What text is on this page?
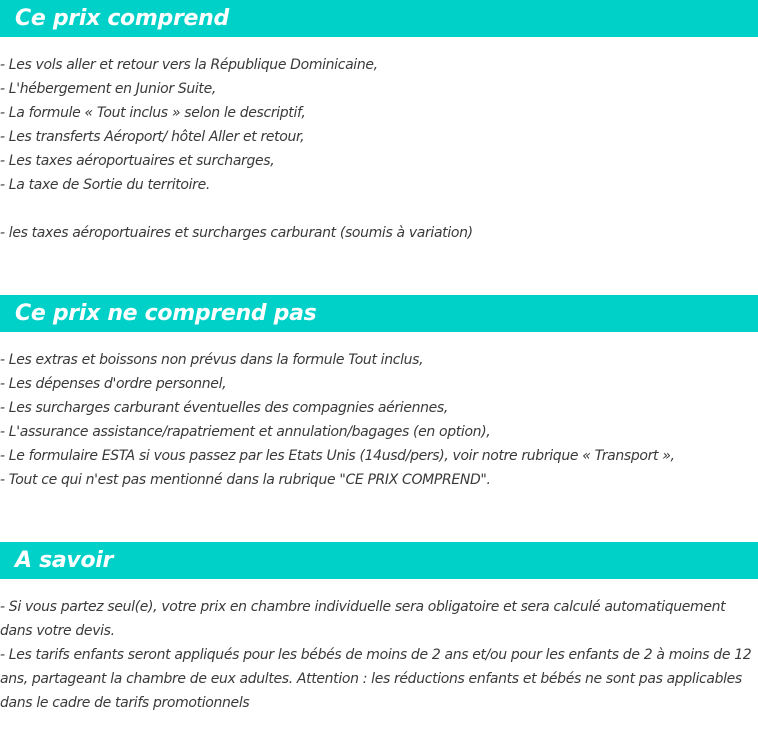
Ce prix comprend
- Les vols aller et retour vers la République Dominicaine,
- L'hébergement en Junior Suite,
- La formule « Tout inclus » selon le descriptif,
- Les transferts Aéroport/ hôtel Aller et retour,
- Les taxes aéroportuaires et surcharges,
- La taxe de Sortie du territoire.
- les taxes aéroportuaires et surcharges carburant (soumis à variation)
Ce prix ne comprend pas
- Les extras et boissons non prévus dans la formule Tout inclus,
- Les dépenses d'ordre personnel,
- Les surcharges carburant éventuelles des compagnies aériennes,
- L'assurance assistance/rapatriement et annulation/bagages (en option),
- Le formulaire ESTA si vous passez par les Etats Unis (14usd/pers), voir notre rubrique « Transport »,
- Tout ce qui n'est pas mentionné dans la rubrique "CE PRIX COMPREND".
A savoir
- Si vous partez seul(e), votre prix en chambre individuelle sera obligatoire et sera calculé automatiquement dans votre devis.
- Les tarifs enfants seront appliqués pour les bébés de moins de 2 ans et/ou pour les enfants de 2 à moins de 12 ans, partageant la chambre de eux adultes. Attention : les réductions enfants et bébés ne sont pas applicables dans le cadre de tarifs promotionnels
